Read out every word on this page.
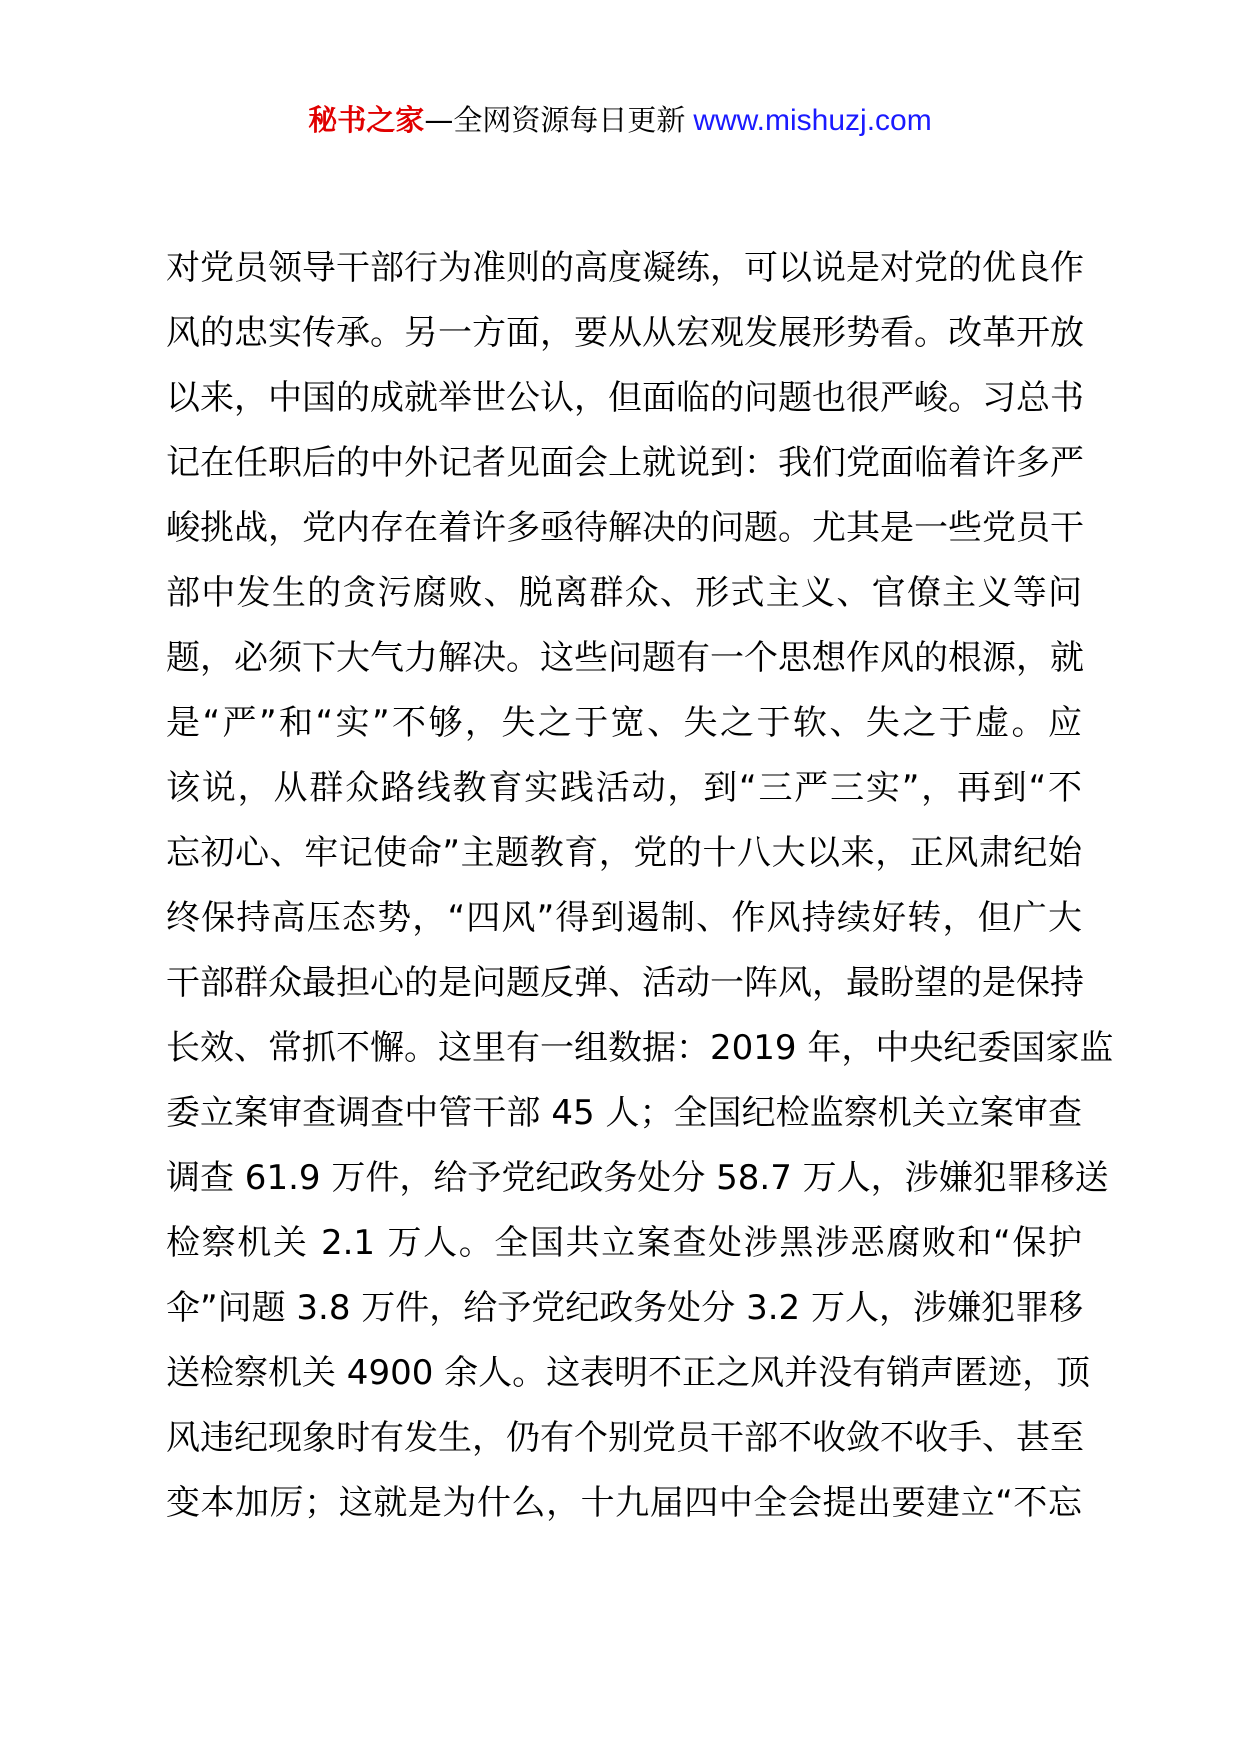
秘书之家—全网资源每日更新 www.mishuzj.com
对党员领导干部行为准则的高度凝练，可以说是对党的优良作
风的忠实传承。另一方面，要从从宏观发展形势看。改革开放
以来，中国的成就举世公认，但面临的问题也很严峻。习总书
记在任职后的中外记者见面会上就说到：我们党面临着许多严
峻挑战，党内存在着许多亟待解决的问题。尤其是一些党员干
部中发生的贪污腐败、脱离群众、形式主义、官僚主义等问
题，必须下大气力解决。这些问题有一个思想作风的根源，就
是“严”和“实”不够，失之于宽、失之于软、失之于虚。应
该说，从群众路线教育实践活动，到“三严三实”，再到“不
忘初心、牢记使命”主题教育，党的十八大以来，正风肃纪始
终保持高压态势，“四风”得到遏制、作风持续好转，但广大
干部群众最担心的是问题反弹、活动一阵风，最盼望的是保持
长效、常抓不懈。这里有一组数据：2019 年，中央纪委国家监
委立案审查调查中管干部 45 人；全国纪检监察机关立案审查
调查 61.9 万件，给予党纪政务处分 58.7 万人，涉嫌犯罪移送
检察机关 2.1 万人。全国共立案查处涉黑涉恶腐败和“保护
伞”问题 3.8 万件，给予党纪政务处分 3.2 万人，涉嫌犯罪移
送检察机关 4900 余人。这表明不正之风并没有销声匿迹，顶
风违纪现象时有发生，仍有个别党员干部不收敛不收手、甚至
变本加厉；这就是为什么，十九届四中全会提出要建立“不忘
